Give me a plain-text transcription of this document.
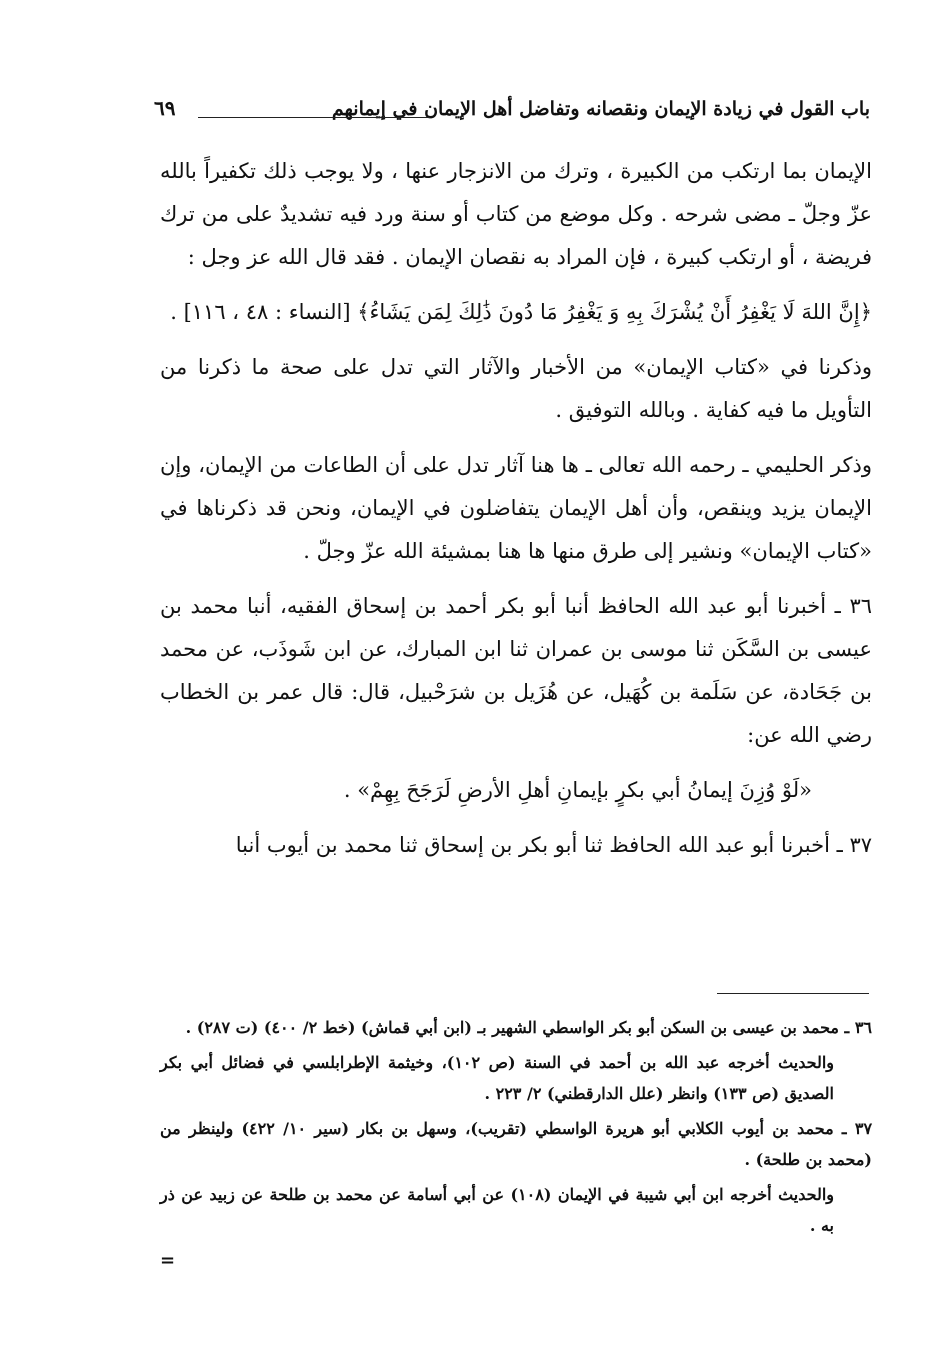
باب القول في زيادة الإيمان ونقصانه وتفاضل أهل الإيمان في إيمانهم
٦٩

الإيمان بما ارتكب من الكبيرة ، وترك من الانزجار عنها ، ولا يوجب ذلك تكفيراً بالله عزّ وجلّ ـ مضى شرحه . وكل موضع من كتاب أو سنة ورد فيه تشديدٌ على من ترك فريضة ، أو ارتكب كبيرة ، فإن المراد به نقصان الإيمان . فقد قال الله عز وجل :

﴿إِنَّ اللهَ لَا يَغْفِرُ أَنْ يُشْرَكَ بِهِ وَ يَغْفِرُ مَا دُونَ ذَٰلِكَ لِمَن يَشَاءُ﴾ [النساء : ٤٨ ، ١١٦] .

وذكرنا في «كتاب الإيمان» من الأخبار والآثار التي تدل على صحة ما ذكرنا من التأويل ما فيه كفاية . وبالله التوفيق .

وذكر الحليمي ـ رحمه الله تعالى ـ ها هنا آثار تدل على أن الطاعات من الإيمان، وإن الإيمان يزيد وينقص، وأن أهل الإيمان يتفاضلون في الإيمان، ونحن قد ذكرناها في «كتاب الإيمان» ونشير إلى طرق منها ها هنا بمشيئة الله عزّ وجلّ .

٣٦ ـ أخبرنا أبو عبد الله الحافظ أنبا أبو بكر أحمد بن إسحاق الفقيه، أنبا محمد بن عيسى بن السَّكَن ثنا موسى بن عمران ثنا ابن المبارك، عن ابن شَوذَب، عن محمد بن جَحَادة، عن سَلَمة بن كُهَيل، عن هُزَيل بن شرَحْبيل، قال: قال عمر بن الخطاب رضي الله عن:

«لَوْ وُزِنَ إيمانُ أبي بكرٍ بإيمانِ أهلِ الأرضِ لَرَجَحَ بِهِمْ» .

٣٧ ـ أخبرنا أبو عبد الله الحافظ ثنا أبو بكر بن إسحاق ثنا محمد بن أيوب أنبا

٣٦ ـ محمد بن عيسى بن السكن أبو بكر الواسطي الشهير بـ (ابن أبي قماش) (خط ٢/ ٤٠٠) (ت ٢٨٧) .

والحديث أخرجه عبد الله بن أحمد في السنة (ص ١٠٢)، وخيثمة الإطرابلسي في فضائل أبي بكر الصديق (ص ١٣٣) وانظر (علل الدارقطني) ٢/ ٢٢٣ .

٣٧ ـ محمد بن أيوب الكلابي أبو هريرة الواسطي (تقريب)، وسهل بن بكار (سير ١٠/ ٤٢٢) ولينظر من (محمد بن طلحة) .

والحديث أخرجه ابن أبي شيبة في الإيمان (١٠٨) عن أبي أسامة عن محمد بن طلحة عن زبيد عن ذر به .

=
